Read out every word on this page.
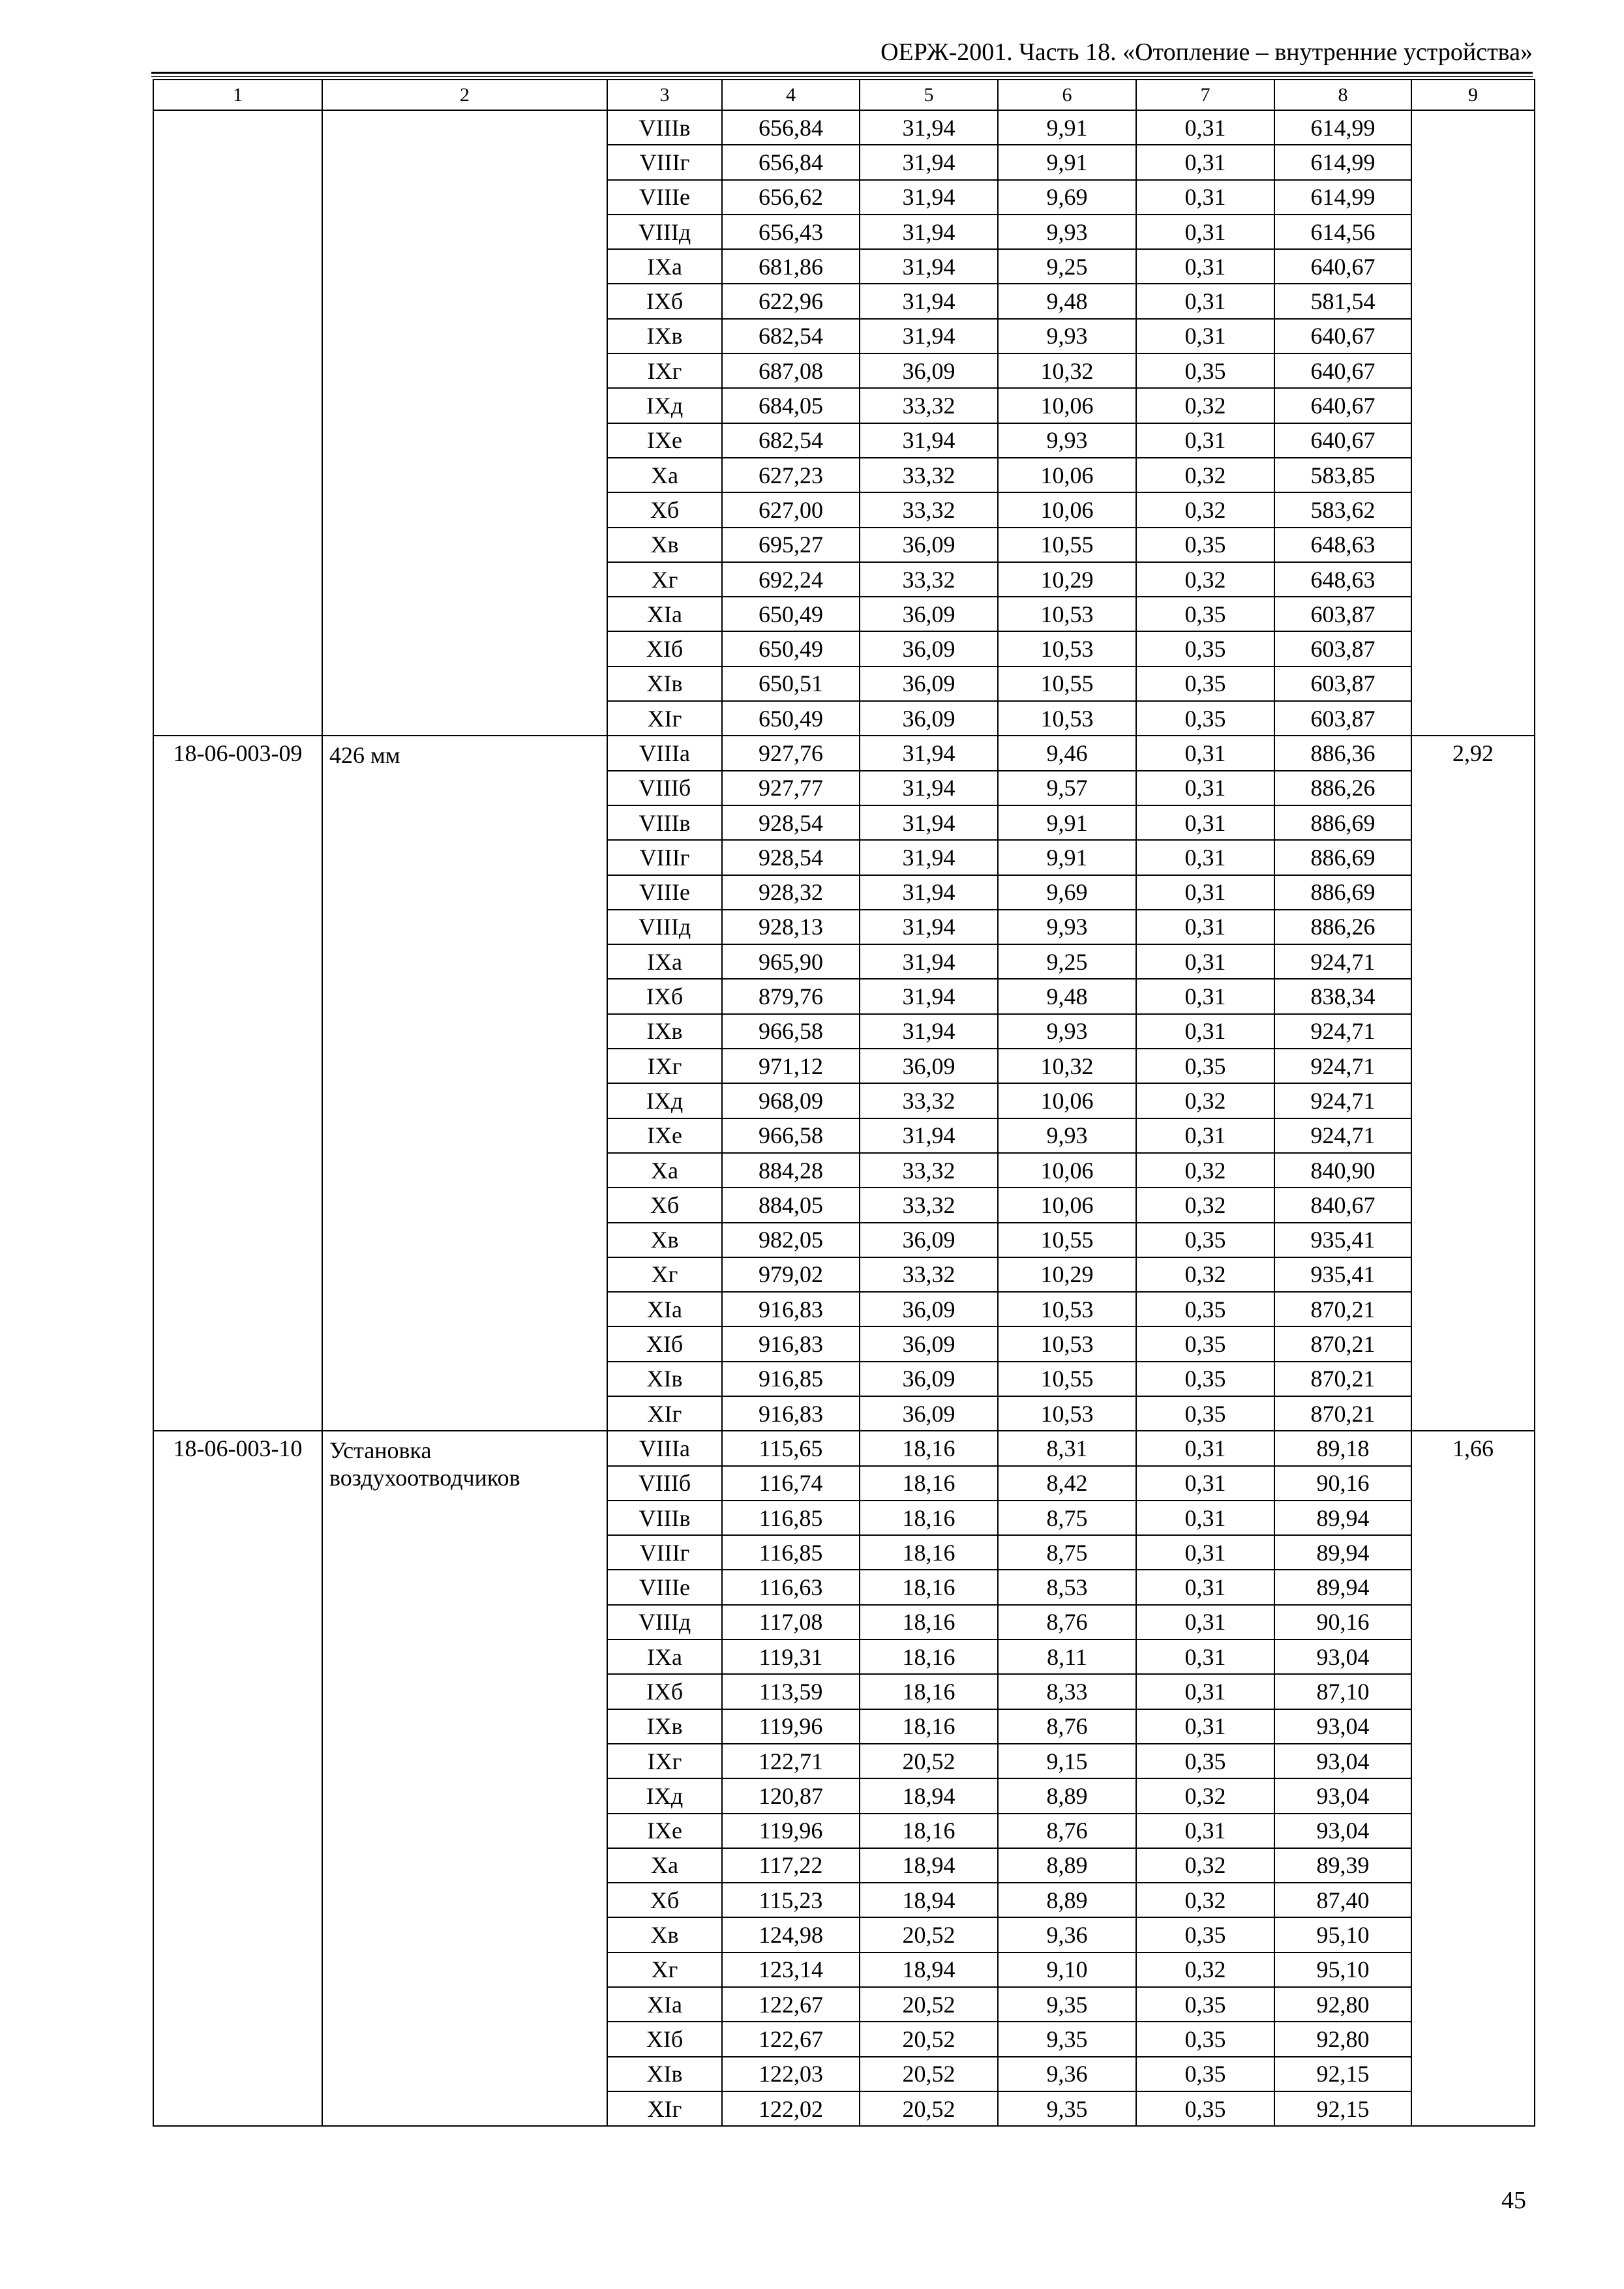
ОЕРЖ-2001. Часть 18. «Отопление – внутренние устройства»
1	2	3	4	5	6	7	8	9
		VIIIв	656,84	31,94	9,91	0,31	614,99	
		VIIIг	656,84	31,94	9,91	0,31	614,99	
		VIIIе	656,62	31,94	9,69	0,31	614,99	
		VIIIд	656,43	31,94	9,93	0,31	614,56	
		IXа	681,86	31,94	9,25	0,31	640,67	
		IXб	622,96	31,94	9,48	0,31	581,54	
		IXв	682,54	31,94	9,93	0,31	640,67	
		IXг	687,08	36,09	10,32	0,35	640,67	
		IXд	684,05	33,32	10,06	0,32	640,67	
		IXе	682,54	31,94	9,93	0,31	640,67	
		Xа	627,23	33,32	10,06	0,32	583,85	
		Xб	627,00	33,32	10,06	0,32	583,62	
		Xв	695,27	36,09	10,55	0,35	648,63	
		Xг	692,24	33,32	10,29	0,32	648,63	
		XIа	650,49	36,09	10,53	0,35	603,87	
		XIб	650,49	36,09	10,53	0,35	603,87	
		XIв	650,51	36,09	10,55	0,35	603,87	
		XIг	650,49	36,09	10,53	0,35	603,87	
18-06-003-09	426 мм	VIIIа	927,76	31,94	9,46	0,31	886,36	2,92
		VIIIб	927,77	31,94	9,57	0,31	886,26	
		VIIIв	928,54	31,94	9,91	0,31	886,69	
		VIIIг	928,54	31,94	9,91	0,31	886,69	
		VIIIе	928,32	31,94	9,69	0,31	886,69	
		VIIIд	928,13	31,94	9,93	0,31	886,26	
		IXа	965,90	31,94	9,25	0,31	924,71	
		IXб	879,76	31,94	9,48	0,31	838,34	
		IXв	966,58	31,94	9,93	0,31	924,71	
		IXг	971,12	36,09	10,32	0,35	924,71	
		IXд	968,09	33,32	10,06	0,32	924,71	
		IXе	966,58	31,94	9,93	0,31	924,71	
		Xа	884,28	33,32	10,06	0,32	840,90	
		Xб	884,05	33,32	10,06	0,32	840,67	
		Xв	982,05	36,09	10,55	0,35	935,41	
		Xг	979,02	33,32	10,29	0,32	935,41	
		XIа	916,83	36,09	10,53	0,35	870,21	
		XIб	916,83	36,09	10,53	0,35	870,21	
		XIв	916,85	36,09	10,55	0,35	870,21	
		XIг	916,83	36,09	10,53	0,35	870,21	
18-06-003-10	Установка воздухоотводчиков	VIIIа	115,65	18,16	8,31	0,31	89,18	1,66
		VIIIб	116,74	18,16	8,42	0,31	90,16	
		VIIIв	116,85	18,16	8,75	0,31	89,94	
		VIIIг	116,85	18,16	8,75	0,31	89,94	
		VIIIе	116,63	18,16	8,53	0,31	89,94	
		VIIIд	117,08	18,16	8,76	0,31	90,16	
		IXа	119,31	18,16	8,11	0,31	93,04	
		IXб	113,59	18,16	8,33	0,31	87,10	
		IXв	119,96	18,16	8,76	0,31	93,04	
		IXг	122,71	20,52	9,15	0,35	93,04	
		IXд	120,87	18,94	8,89	0,32	93,04	
		IXе	119,96	18,16	8,76	0,31	93,04	
		Xа	117,22	18,94	8,89	0,32	89,39	
		Xб	115,23	18,94	8,89	0,32	87,40	
		Xв	124,98	20,52	9,36	0,35	95,10	
		Xг	123,14	18,94	9,10	0,32	95,10	
		XIа	122,67	20,52	9,35	0,35	92,80	
		XIб	122,67	20,52	9,35	0,35	92,80	
		XIв	122,03	20,52	9,36	0,35	92,15	
		XIг	122,02	20,52	9,35	0,35	92,15	
45
